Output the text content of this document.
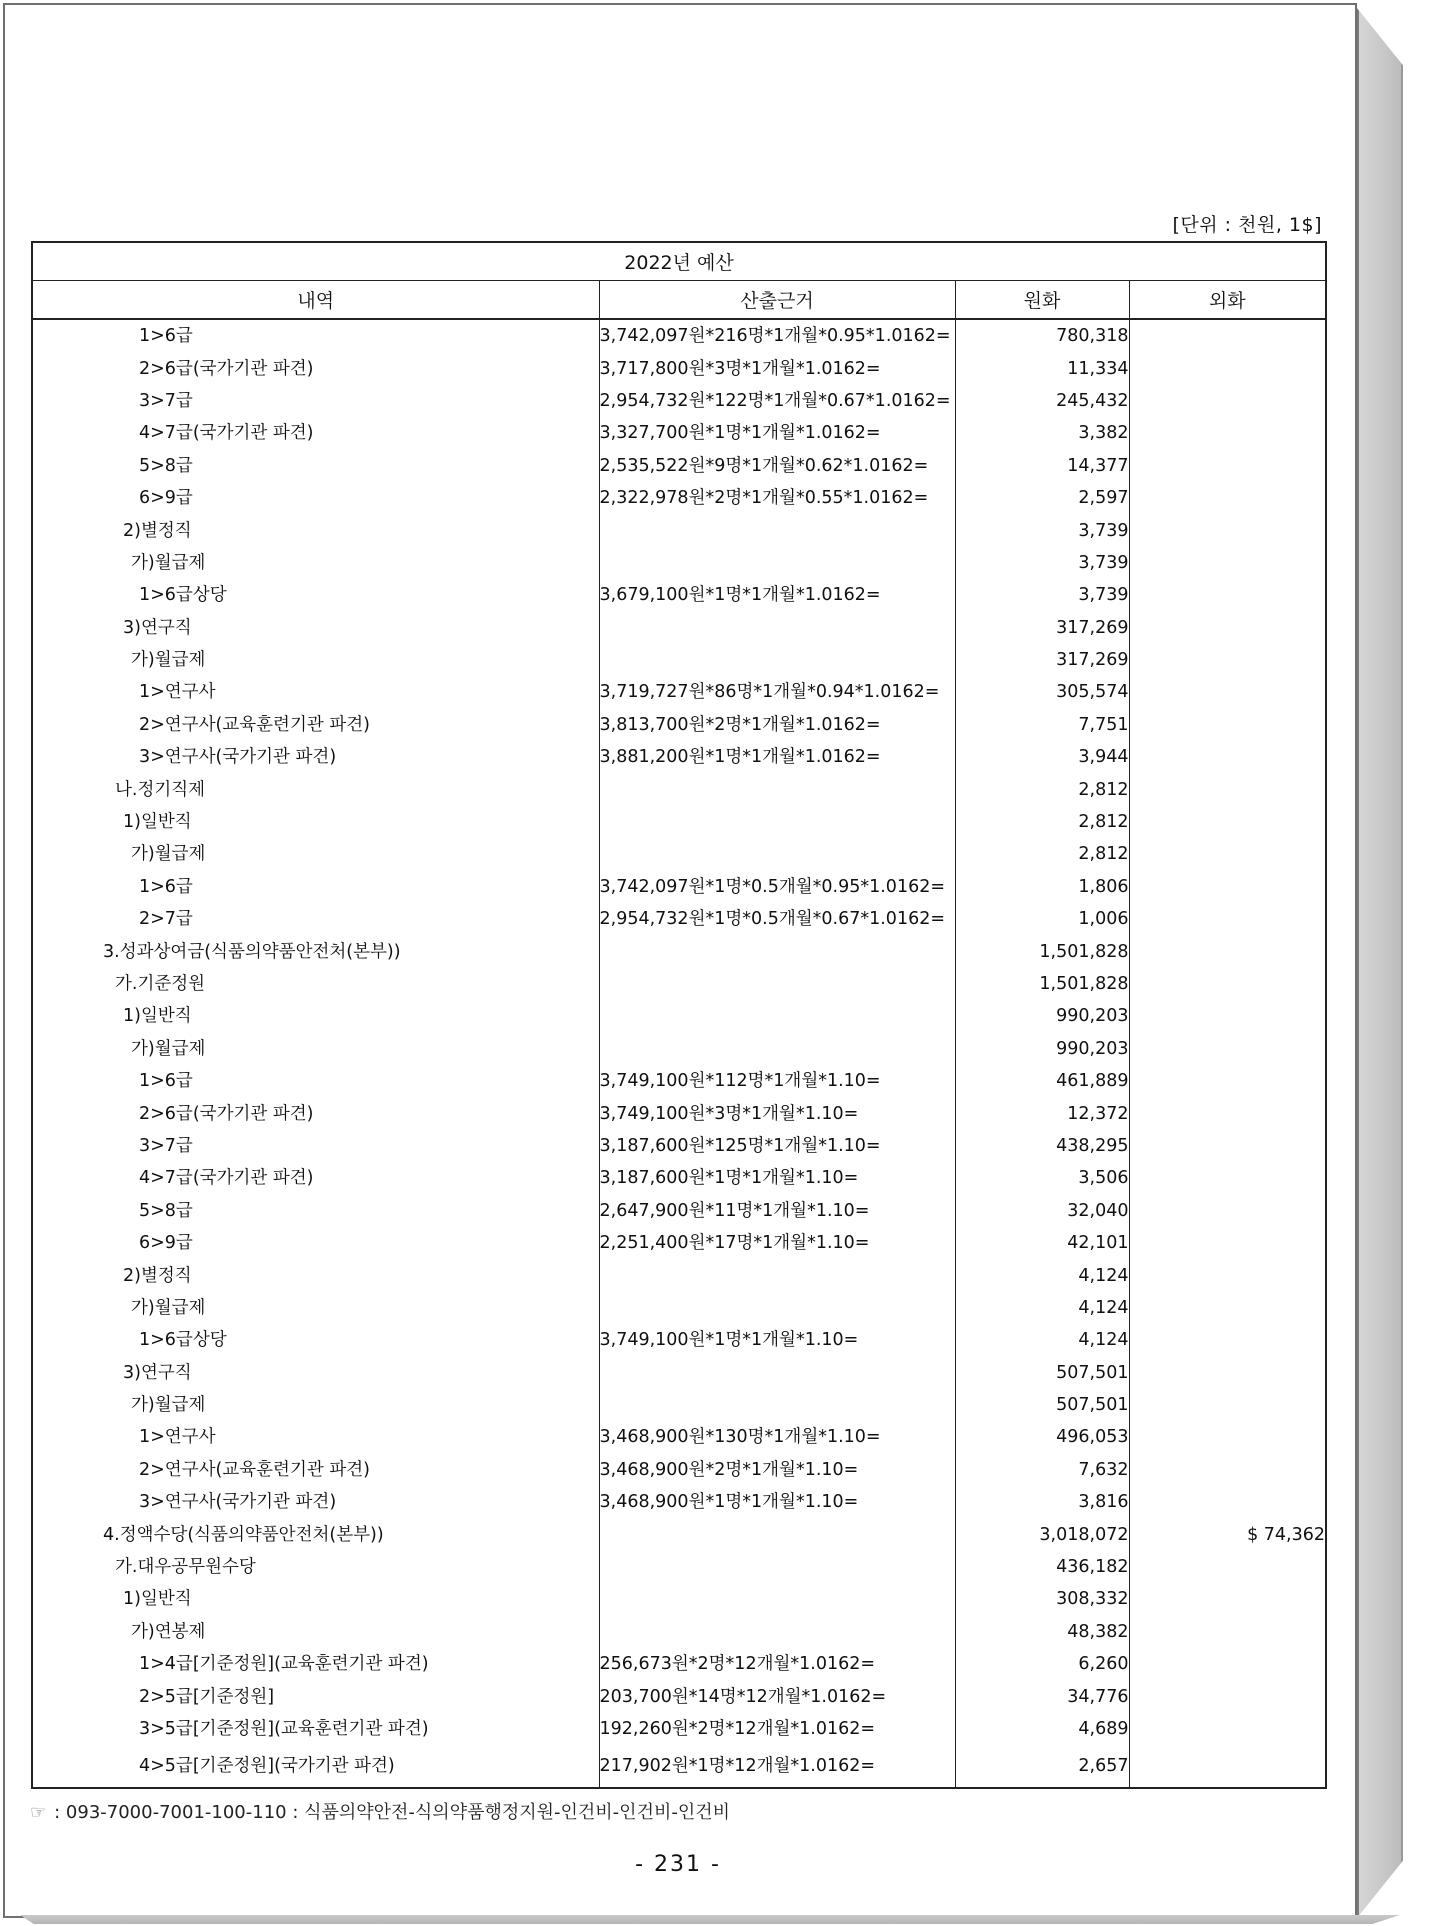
[단위 : 천원, 1$]
2022년 예산			
내역	산출근거	원화	외화
1>6급	3,742,097원*216명*1개월*0.95*1.0162=	780,318	
2>6급(국가기관 파견)	3,717,800원*3명*1개월*1.0162=	11,334	
3>7급	2,954,732원*122명*1개월*0.67*1.0162=	245,432	
4>7급(국가기관 파견)	3,327,700원*1명*1개월*1.0162=	3,382	
5>8급	2,535,522원*9명*1개월*0.62*1.0162=	14,377	
6>9급	2,322,978원*2명*1개월*0.55*1.0162=	2,597	
2)별정직		3,739	
가)월급제		3,739	
1>6급상당	3,679,100원*1명*1개월*1.0162=	3,739	
3)연구직		317,269	
가)월급제		317,269	
1>연구사	3,719,727원*86명*1개월*0.94*1.0162=	305,574	
2>연구사(교육훈련기관 파견)	3,813,700원*2명*1개월*1.0162=	7,751	
3>연구사(국가기관 파견)	3,881,200원*1명*1개월*1.0162=	3,944	
나.정기직제		2,812	
1)일반직		2,812	
가)월급제		2,812	
1>6급	3,742,097원*1명*0.5개월*0.95*1.0162=	1,806	
2>7급	2,954,732원*1명*0.5개월*0.67*1.0162=	1,006	
3.성과상여금(식품의약품안전처(본부))		1,501,828	
가.기준정원		1,501,828	
1)일반직		990,203	
가)월급제		990,203	
1>6급	3,749,100원*112명*1개월*1.10=	461,889	
2>6급(국가기관 파견)	3,749,100원*3명*1개월*1.10=	12,372	
3>7급	3,187,600원*125명*1개월*1.10=	438,295	
4>7급(국가기관 파견)	3,187,600원*1명*1개월*1.10=	3,506	
5>8급	2,647,900원*11명*1개월*1.10=	32,040	
6>9급	2,251,400원*17명*1개월*1.10=	42,101	
2)별정직		4,124	
가)월급제		4,124	
1>6급상당	3,749,100원*1명*1개월*1.10=	4,124	
3)연구직		507,501	
가)월급제		507,501	
1>연구사	3,468,900원*130명*1개월*1.10=	496,053	
2>연구사(교육훈련기관 파견)	3,468,900원*2명*1개월*1.10=	7,632	
3>연구사(국가기관 파견)	3,468,900원*1명*1개월*1.10=	3,816	
4.정액수당(식품의약품안전처(본부))		3,018,072	$ 74,362
가.대우공무원수당		436,182	
1)일반직		308,332	
가)연봉제		48,382	
1>4급[기준정원](교육훈련기관 파견)	256,673원*2명*12개월*1.0162=	6,260	
2>5급[기준정원]	203,700원*14명*12개월*1.0162=	34,776	
3>5급[기준정원](교육훈련기관 파견)	192,260원*2명*12개월*1.0162=	4,689	
4>5급[기준정원](국가기관 파견)	217,902원*1명*12개월*1.0162=	2,657	
☞ : 093-7000-7001-100-110 : 식품의약안전-식의약품행정지원-인건비-인건비-인건비
- 231 -
